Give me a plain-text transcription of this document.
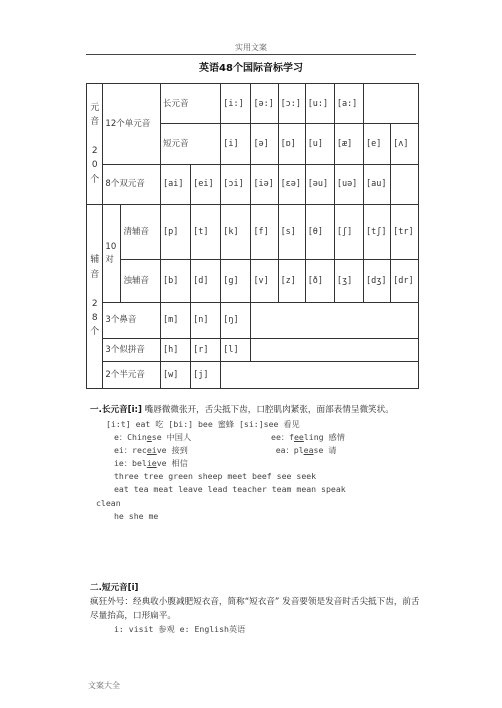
实用文案
英语48个国际音标学习
元
音

20
个	12个单元音		长元音		[i:]	[ə:]	[ɔ:]	[u:]	[a:]		
			短元音		[i]	[ə]	[ɒ]	[u]	[æ]	[e]	[ʌ]
	8个双元音		[ai]	[ei]	[ɔi]	[iə]	[εə]	[əu]	[uə]	[au]	
辅
音

28
个	10对	清辅音	[p]	[t]	[k]	[f]	[s]	[θ]	[ʃ]	[tʃ]	[tr]
		浊辅音	[b]	[d]	[g]	[v]	[z]	[ð]	[ʒ]	[dʒ]	[dr]
	3个鼻音		[m]	[n]	[ŋ]						
	3个似拼音		[h]	[r]	[l]						
	2个半元音		[w]	[j]							
一.长元音[i:] 嘴唇微微张开，舌尖抵下齿，口腔肌肉紧张，面部表情呈微笑状。
[i:t] eat 吃 [bi:] bee 蜜蜂 [si:]see 看见
e：Chinese 中国人	ee：feeling 感情
ei：receive 接到	ea：please 请
ie：believe 相信
three tree green sheep meet beef see seek
eat tea meat leave lead teacher team mean speak
clean
he she me
二.短元音[i]
疯狂外号：经典收小腹减肥短衣音，简称“短衣音” 发音要领是发音时舌尖抵下齿，前舌尽量抬高，口形扁平。
i: visit 参观 e: English英语
文案大全
